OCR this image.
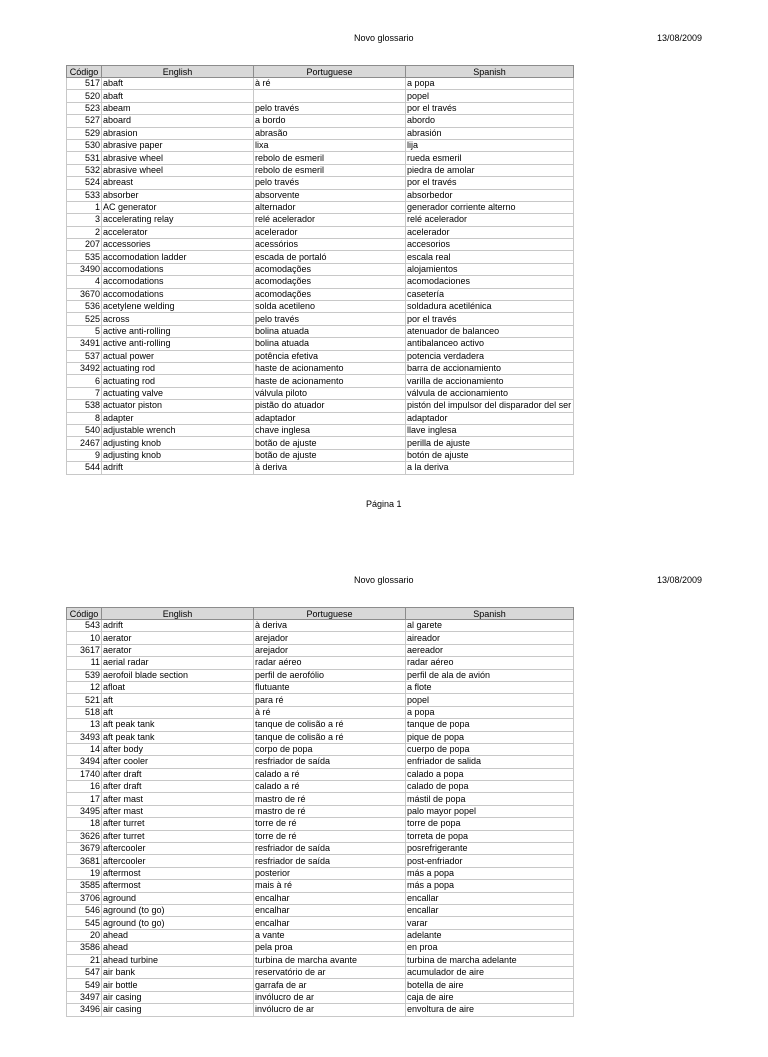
Novo glossario	13/08/2009
Código	English	Portuguese	Spanish
517	abaft	à ré	a popa
520	abaft		popel
523	abeam	pelo través	por el través
527	aboard	a bordo	abordo
529	abrasion	abrasão	abrasión
530	abrasive paper	lixa	lija
531	abrasive wheel	rebolo de esmeril	rueda esmeril
532	abrasive wheel	rebolo de esmeril	piedra de amolar
524	abreast	pelo través	por el través
533	absorber	absorvente	absorbedor
1	AC generator	alternador	generador corriente alterno
3	accelerating relay	relé acelerador	relé acelerador
2	accelerator	acelerador	acelerador
207	accessories	acessórios	accesorios
535	accomodation ladder	escada de portaló	escala real
3490	accomodations	acomodações	alojamientos
4	accomodations	acomodações	acomodaciones
3670	accomodations	acomodações	casetería
536	acetylene welding	solda acetileno	soldadura acetilénica
525	across	pelo través	por el través
5	active anti-rolling	bolina atuada	atenuador de balanceo
3491	active anti-rolling	bolina atuada	antibalanceo activo
537	actual power	potência efetiva	potencia verdadera
3492	actuating rod	haste de acionamento	barra de accionamiento
6	actuating rod	haste de acionamento	varilla de accionamiento
7	actuating valve	válvula piloto	válvula de accionamiento
538	actuator piston	pistão do atuador	pistón del impulsor del disparador del ser
8	adapter	adaptador	adaptador
540	adjustable wrench	chave inglesa	llave inglesa
2467	adjusting knob	botão de ajuste	perilla de ajuste
9	adjusting knob	botão de ajuste	botón de ajuste
544	adrift	à deriva	a la deriva
Página 1
Novo glossario	13/08/2009
Código	English	Portuguese	Spanish
543	adrift	à deriva	al garete
10	aerator	arejador	aireador
3617	aerator	arejador	aereador
11	aerial radar	radar aéreo	radar aéreo
539	aerofoil blade section	perfil de aerofólio	perfil de ala de avión
12	afloat	flutuante	a flote
521	aft	para ré	popel
518	aft	à ré	a popa
13	aft peak tank	tanque de colisão a ré	tanque de popa
3493	aft peak tank	tanque de colisão a ré	pique de popa
14	after body	corpo de popa	cuerpo de popa
3494	after cooler	resfriador de saída	enfriador de salida
1740	after draft	calado a ré	calado a popa
16	after draft	calado a ré	calado de popa
17	after mast	mastro de ré	mástil de popa
3495	after mast	mastro de ré	palo mayor popel
18	after turret	torre de ré	torre de popa
3626	after turret	torre de ré	torreta de popa
3679	aftercooler	resfriador de saída	posrefrigerante
3681	aftercooler	resfriador de saída	post-enfriador
19	aftermost	posterior	más a popa
3585	aftermost	mais à ré	más a popa
3706	aground	encalhar	encallar
546	aground (to go)	encalhar	encallar
545	aground (to go)	encalhar	varar
20	ahead	a vante	adelante
3586	ahead	pela proa	en proa
21	ahead turbine	turbina de marcha avante	turbina de marcha adelante
547	air bank	reservatório de ar	acumulador de aire
549	air bottle	garrafa de ar	botella de aire
3497	air casing	invólucro de ar	caja de aire
3496	air casing	invólucro de ar	envoltura de aire
